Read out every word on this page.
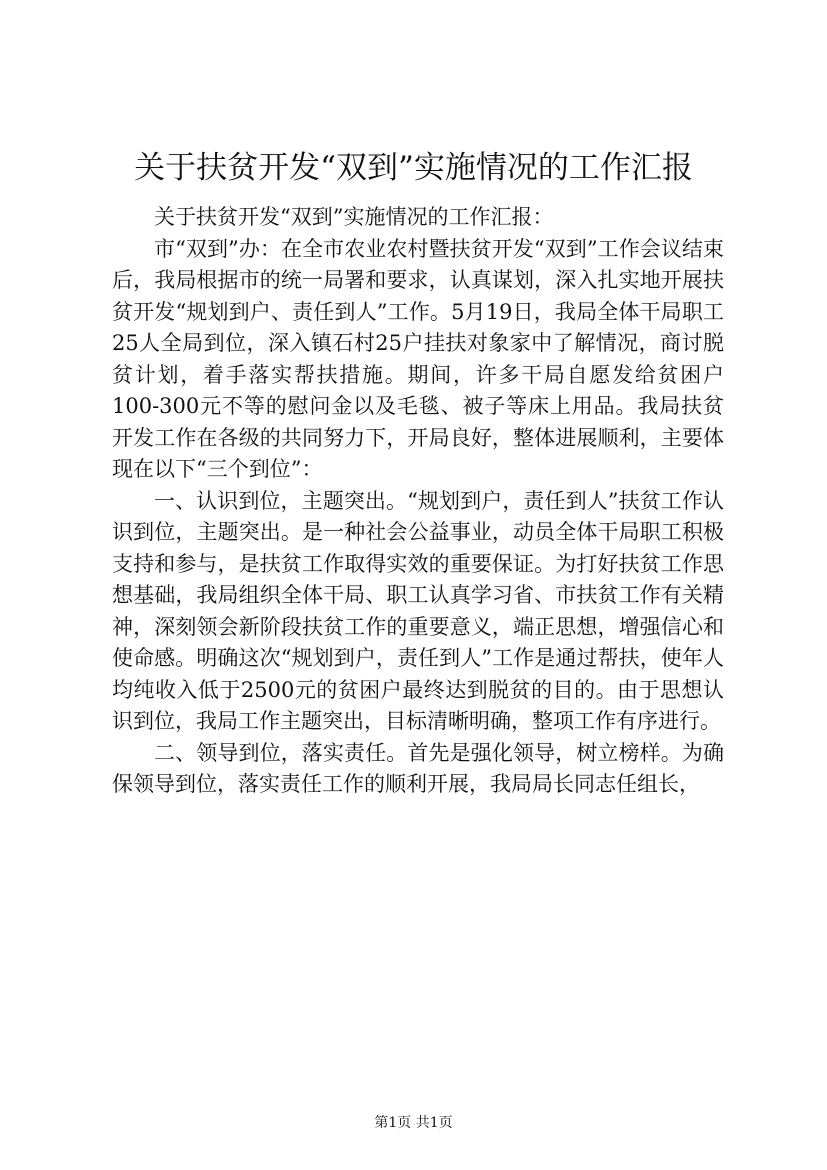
关于扶贫开发“双到”实施情况的工作汇报

关于扶贫开发“双到”实施情况的工作汇报：

市“双到”办：在全市农业农村暨扶贫开发“双到”工作会议结束后，我局根据市的统一局署和要求，认真谋划，深入扎实地开展扶贫开发“规划到户、责任到人”工作。5月19日，我局全体干局职工25人全局到位，深入镇石村25户挂扶对象家中了解情况，商讨脱贫计划，着手落实帮扶措施。期间，许多干局自愿发给贫困户100-300元不等的慰问金以及毛毯、被子等床上用品。我局扶贫开发工作在各级的共同努力下，开局良好，整体进展顺利，主要体现在以下“三个到位”：

一、认识到位，主题突出。“规划到户，责任到人”扶贫工作认识到位，主题突出。是一种社会公益事业，动员全体干局职工积极支持和参与，是扶贫工作取得实效的重要保证。为打好扶贫工作思想基础，我局组织全体干局、职工认真学习省、市扶贫工作有关精神，深刻领会新阶段扶贫工作的重要意义，端正思想，增强信心和使命感。明确这次“规划到户，责任到人”工作是通过帮扶，使年人均纯收入低于2500元的贫困户最终达到脱贫的目的。由于思想认识到位，我局工作主题突出，目标清晰明确，整项工作有序进行。

二、领导到位，落实责任。首先是强化领导，树立榜样。为确保领导到位，落实责任工作的顺利开展，我局局长同志任组长，

第1页 共1页
